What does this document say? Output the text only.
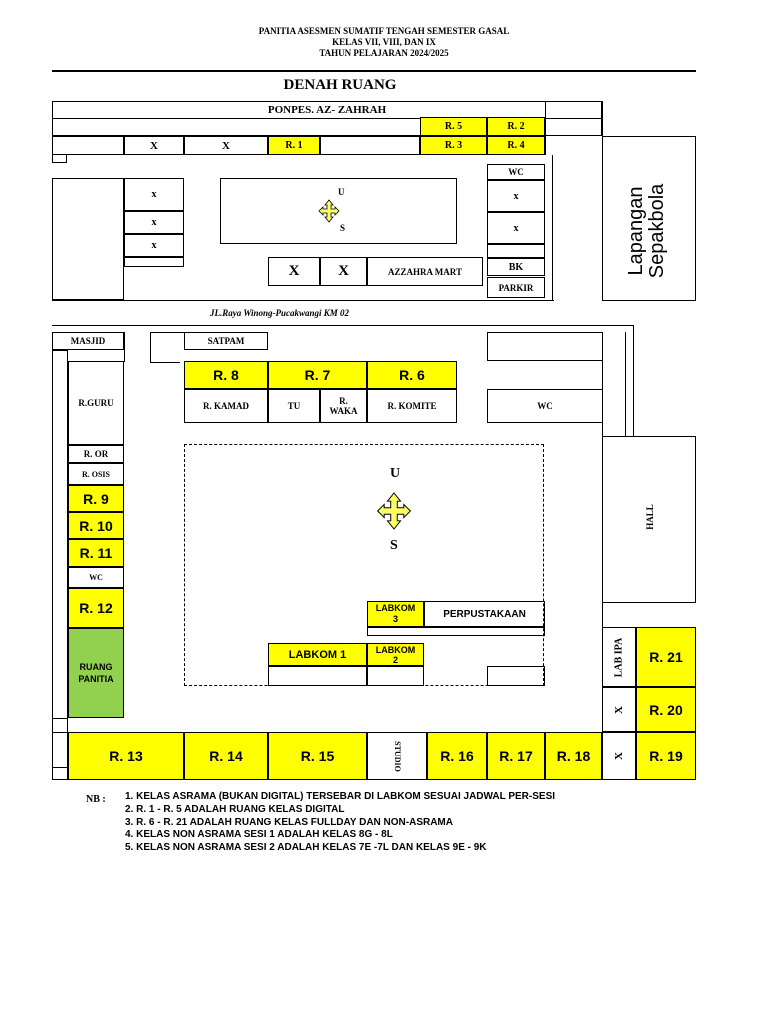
PANITIA ASESMEN SUMATIF TENGAH SEMESTER GASAL
KELAS VII, VIII, DAN IX
TAHUN PELAJARAN 2024/2025
DENAH RUANG
PONPES. AZ- ZAHRAH
X	X	R. 1
R. 5	R. 2
R. 3	R. 4
x
x
x
U
S
WC
x
x
BK
PARKIR
X	X	AZZAHRA MART	Lapangan Sepakbola
JL.Raya Winong-Pucakwangi KM 02
MASJID	SATPAM
R. 8	R. 7	R. 6
R. KAMAD	TU	R. WAKA	R. KOMITE	WC
HALL
R.GURU
R. OR
R. OSIS
R. 9
R. 10
R. 11
WC
R. 12
RUANG PANITIA
U
S
LABKOM 3	PERPUSTAKAAN
LABKOM 1	LABKOM 2	LAB IPA	R. 21
X	R. 20
R. 13	R. 14	R. 15	STUDIO	R. 16	R. 17	R. 18	X	R. 19
NB : 1. KELAS ASRAMA (BUKAN DIGITAL) TERSEBAR DI LABKOM SESUAI JADWAL PER-SESI
2. R. 1 - R. 5 ADALAH RUANG KELAS DIGITAL
3. R. 6 - R. 21 ADALAH RUANG KELAS FULLDAY DAN NON-ASRAMA
4. KELAS NON ASRAMA SESI 1 ADALAH KELAS 8G - 8L
5. KELAS NON ASRAMA SESI 2 ADALAH KELAS 7E -7L DAN KELAS 9E - 9K
